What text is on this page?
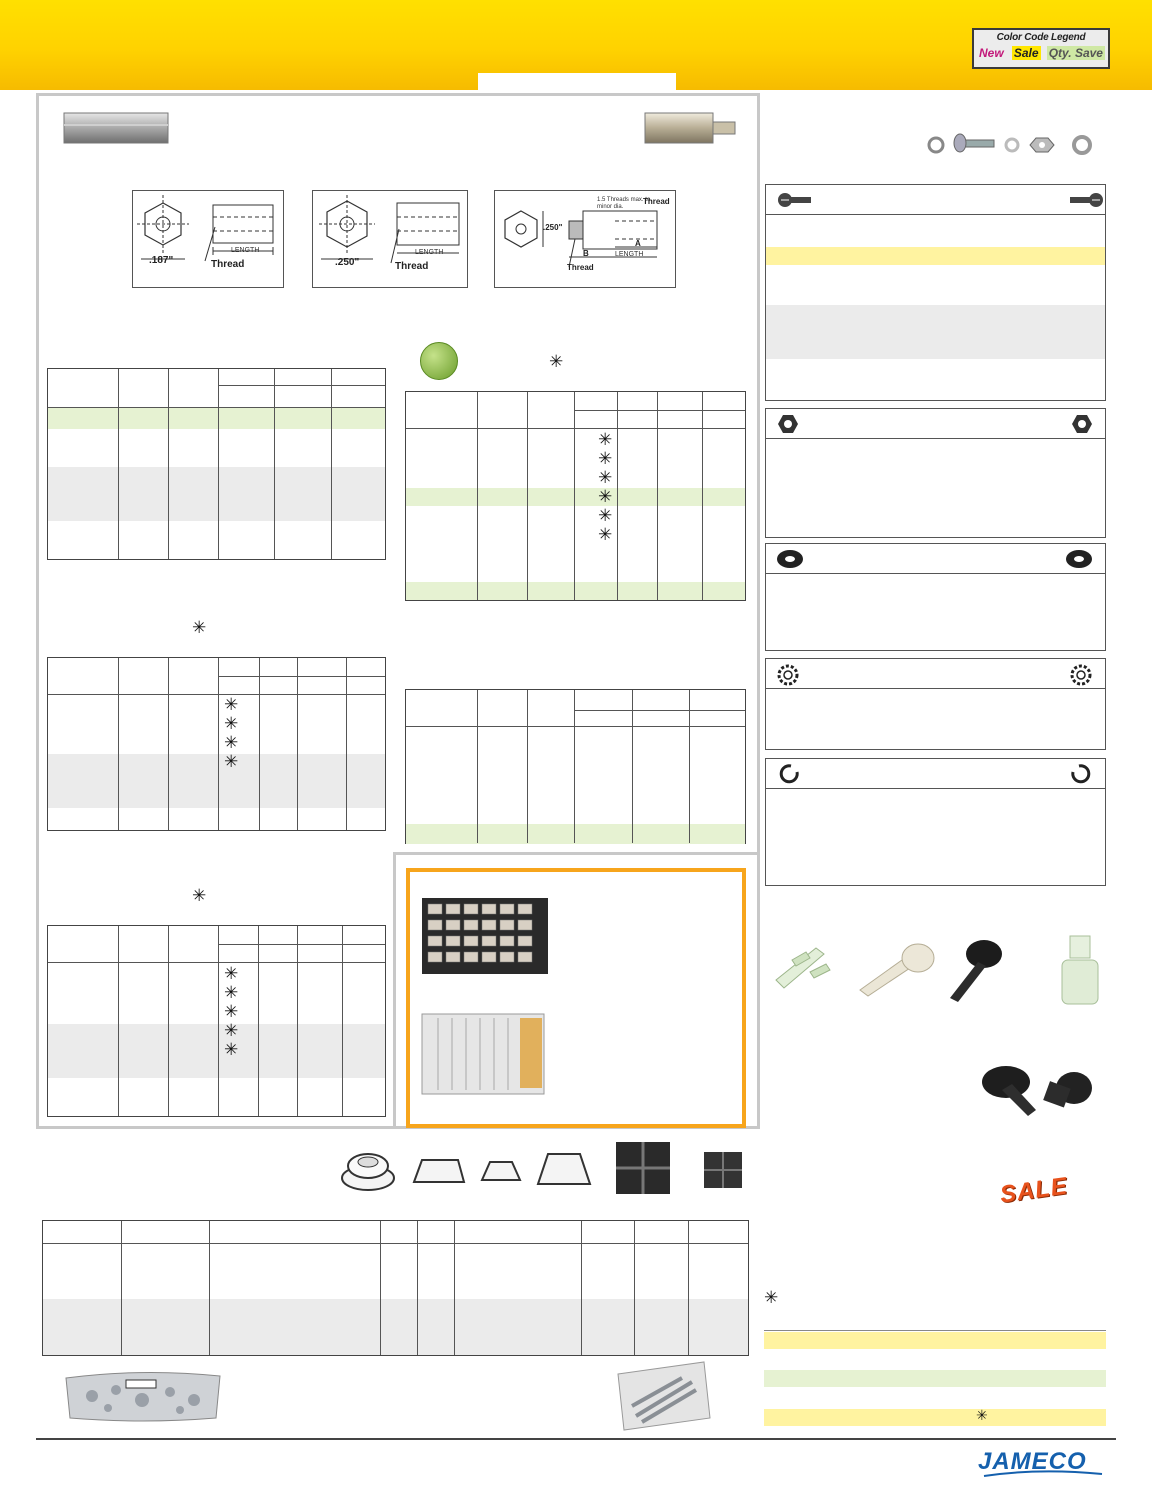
Color Code Legend
New Sale Qty. Save
.187"
LENGTH
Thread	.250"
LENGTH
Thread
.250"
1.5 Threads max. to minor dia.
Thread
B
A
LENGTH
Thread
✳
✳
✳
✳
✳
✳
✳
✳
✳
✳
✳
✳
✳
✳
✳
✳
✳
✳
SALE
✳
✳
JAMECO
